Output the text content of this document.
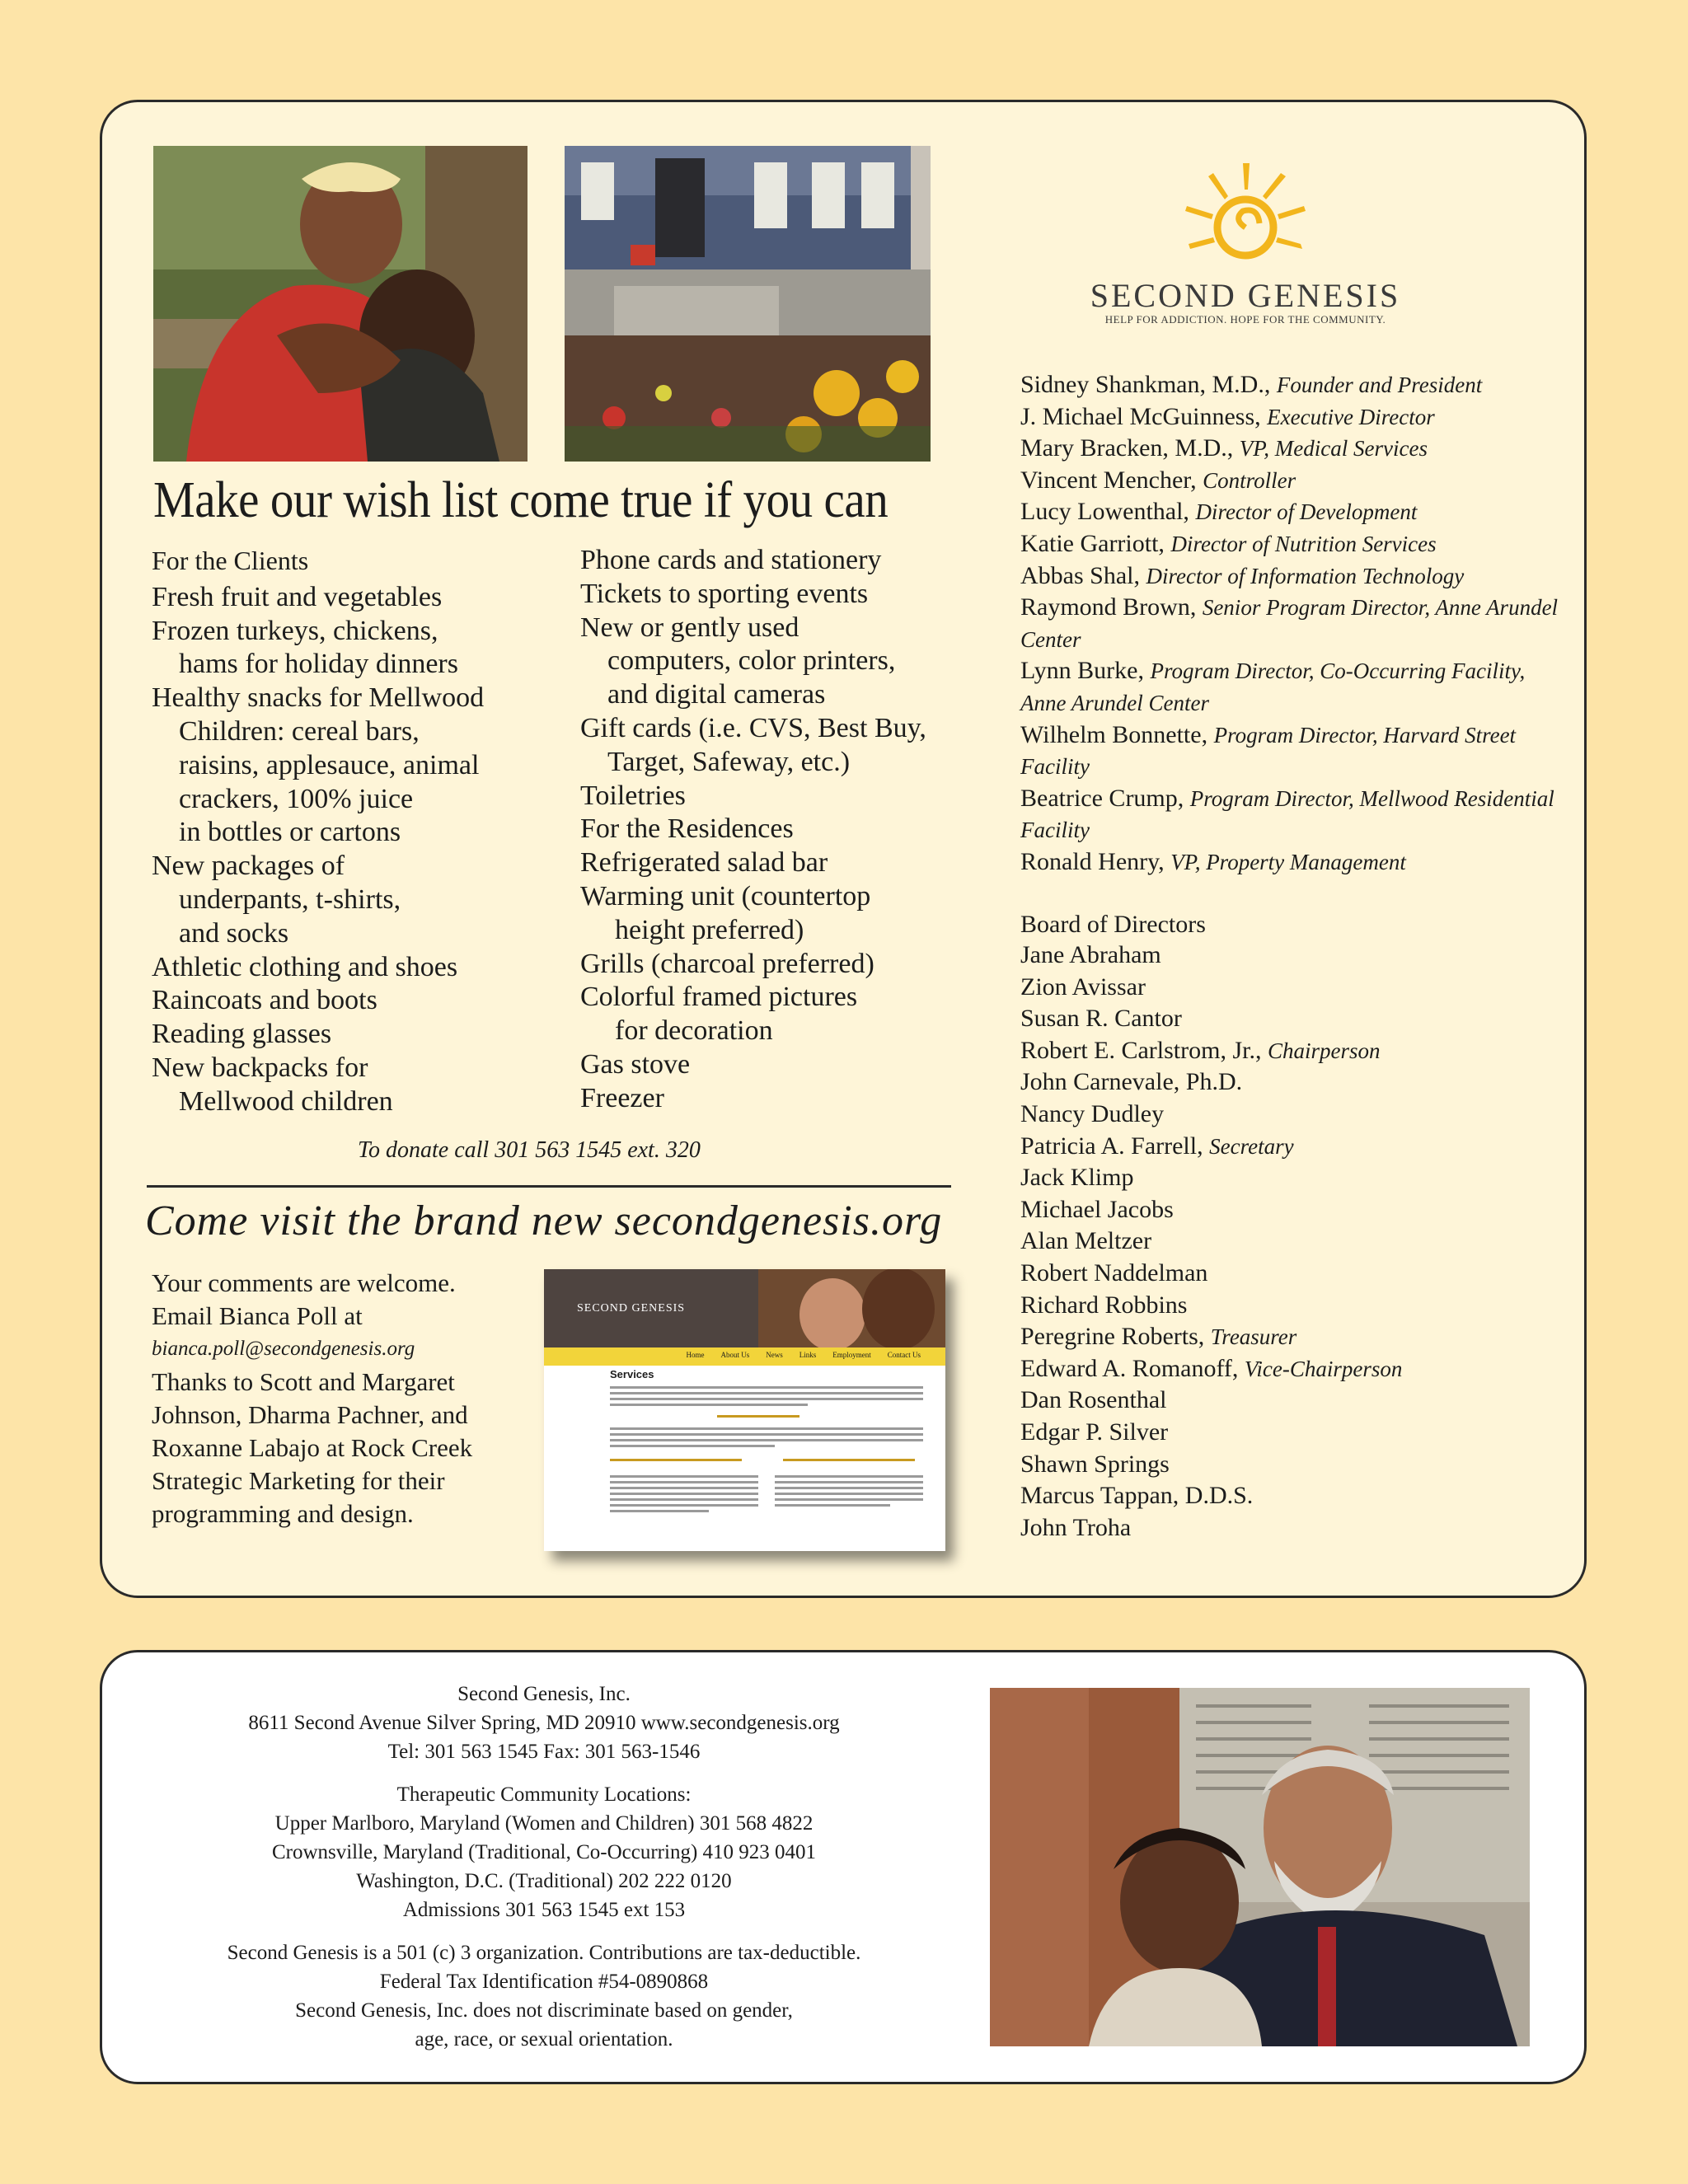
SECOND GENESIS
HELP FOR ADDICTION. HOPE FOR THE COMMUNITY.
Make our wish list come true if you can
For the Clients
Fresh fruit and vegetables
Frozen turkeys, chickens,
hams for holiday dinners
Healthy snacks for Mellwood
Children: cereal bars,
raisins, applesauce, animal
crackers, 100% juice
in bottles or cartons
New packages of
underpants, t-shirts,
and socks
Athletic clothing and shoes
Raincoats and boots
Reading glasses
New backpacks for
Mellwood children
Phone cards and stationery
Tickets to sporting events
New or gently used
computers, color printers,
and digital cameras
Gift cards (i.e. CVS, Best Buy,
Target, Safeway, etc.)
Toiletries
For the Residences
Refrigerated salad bar
Warming unit (countertop
height preferred)
Grills (charcoal preferred)
Colorful framed pictures
for decoration
Gas stove
Freezer
To donate call 301 563 1545 ext. 320
Come visit the brand new secondgenesis.org
Your comments are welcome.
Email Bianca Poll at
bianca.poll@secondgenesis.org
Thanks to Scott and Margaret
Johnson, Dharma Pachner, and
Roxanne Labajo at Rock Creek
Strategic Marketing for their
programming and design.
SECOND GENESIS
Home About Us News Links Employment Contact Us
Services
Sidney Shankman, M.D., Founder and President
J. Michael McGuinness, Executive Director
Mary Bracken, M.D., VP, Medical Services
Vincent Mencher, Controller
Lucy Lowenthal, Director of Development
Katie Garriott, Director of Nutrition Services
Abbas Shal, Director of Information Technology
Raymond Brown, Senior Program Director, Anne Arundel Center
Lynn Burke, Program Director, Co-Occurring Facility, Anne Arundel Center
Wilhelm Bonnette, Program Director, Harvard Street Facility
Beatrice Crump, Program Director, Mellwood Residential Facility
Ronald Henry, VP, Property Management
Board of Directors
Jane Abraham
Zion Avissar
Susan R. Cantor
Robert E. Carlstrom, Jr., Chairperson
John Carnevale, Ph.D.
Nancy Dudley
Patricia A. Farrell, Secretary
Jack Klimp
Michael Jacobs
Alan Meltzer
Robert Naddelman
Richard Robbins
Peregrine Roberts, Treasurer
Edward A. Romanoff, Vice-Chairperson
Dan Rosenthal
Edgar P. Silver
Shawn Springs
Marcus Tappan, D.D.S.
John Troha
Second Genesis, Inc.
8611 Second Avenue Silver Spring, MD 20910 www.secondgenesis.org
Tel: 301 563 1545 Fax: 301 563-1546
Therapeutic Community Locations:
Upper Marlboro, Maryland (Women and Children) 301 568 4822
Crownsville, Maryland (Traditional, Co-Occurring) 410 923 0401
Washington, D.C. (Traditional) 202 222 0120
Admissions 301 563 1545 ext 153
Second Genesis is a 501 (c) 3 organization. Contributions are tax-deductible.
Federal Tax Identification #54-0890868
Second Genesis, Inc. does not discriminate based on gender,
age, race, or sexual orientation.
